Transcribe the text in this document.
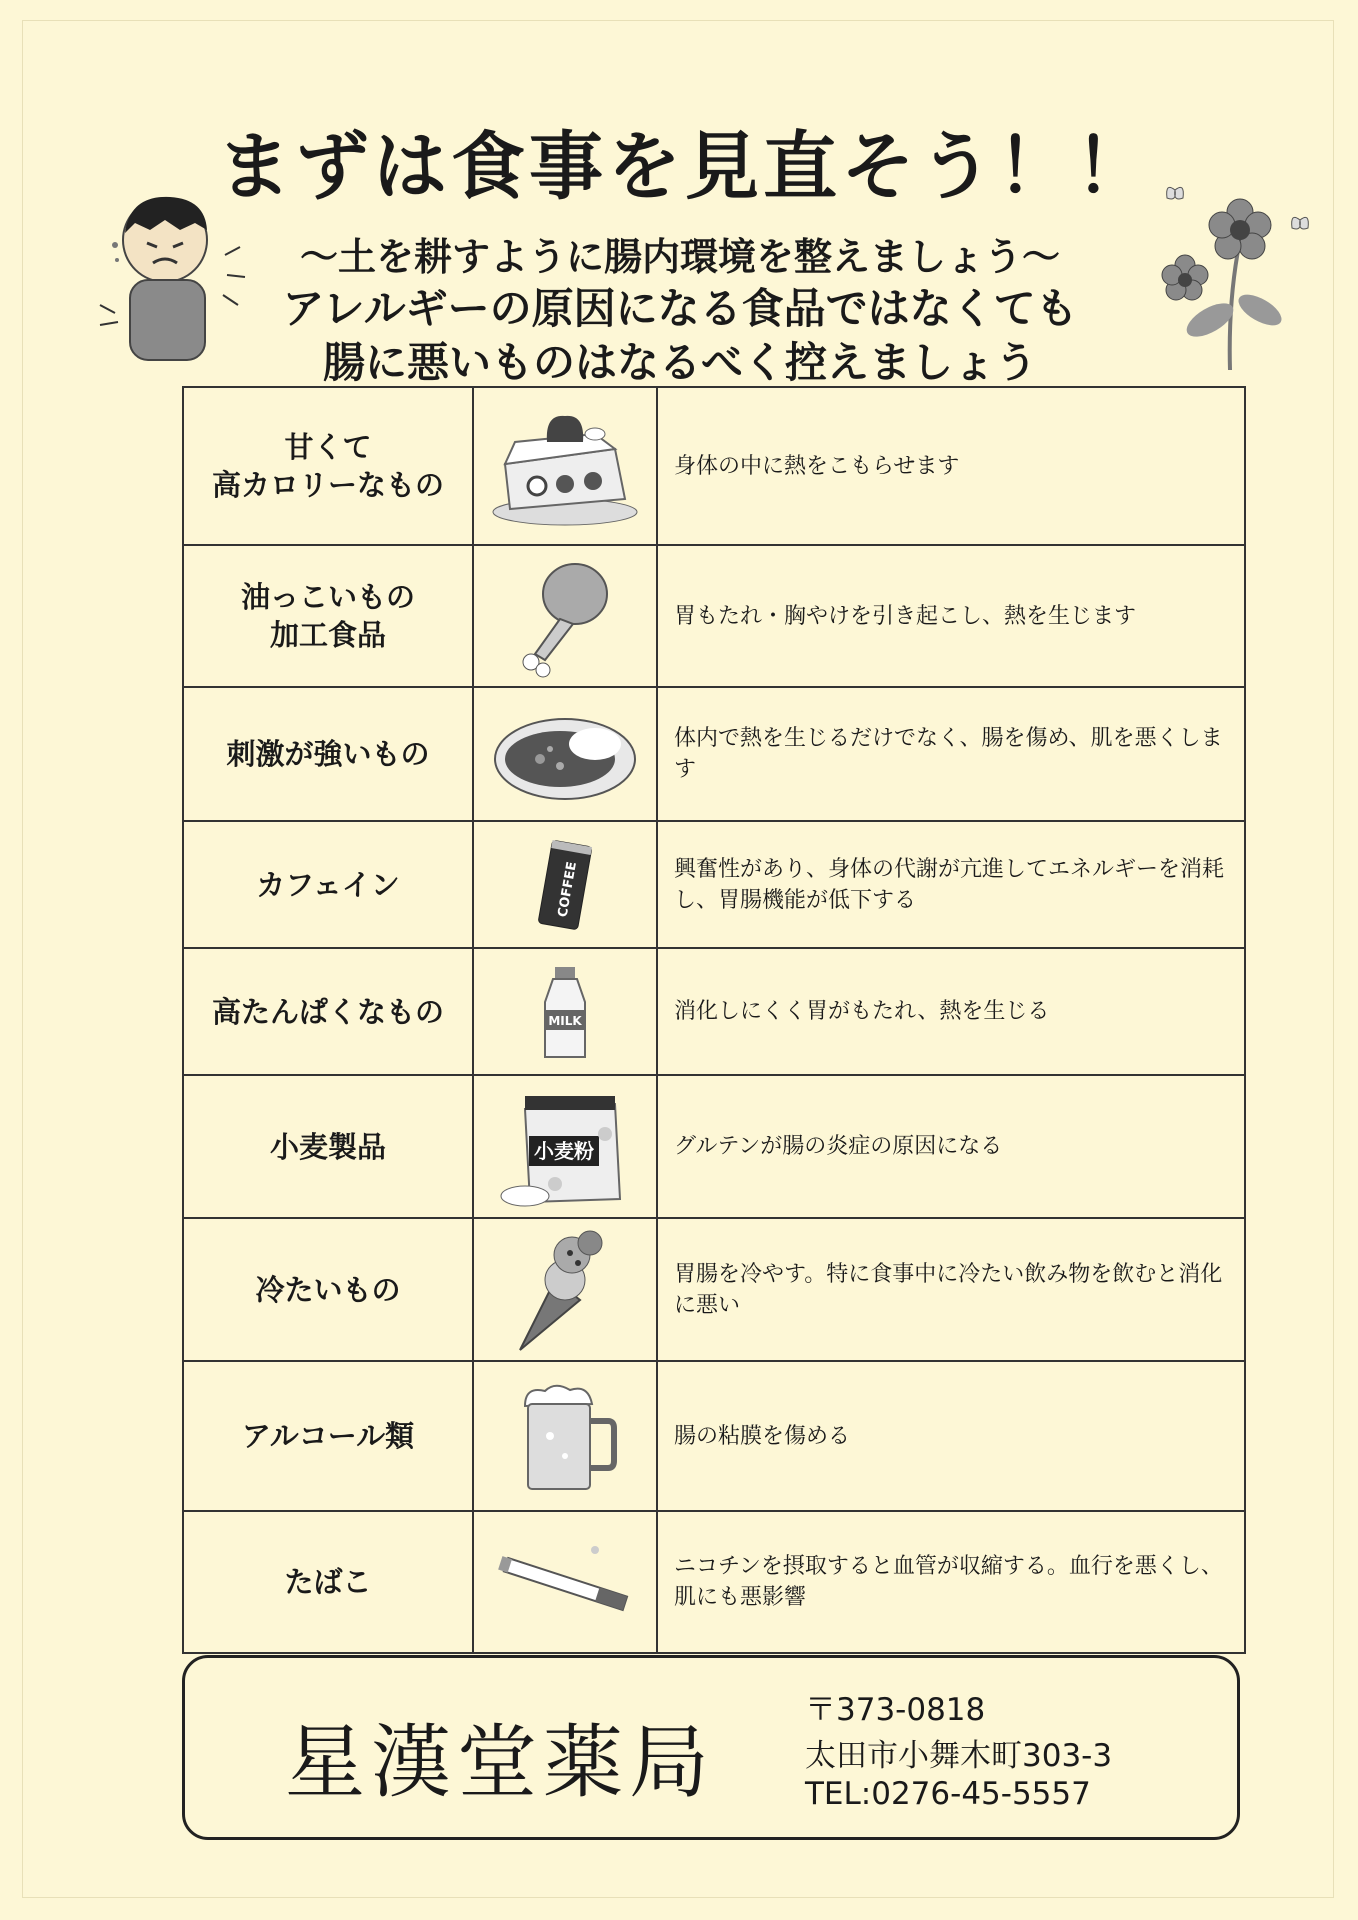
まずは食事を見直そう！！

～土を耕すように腸内環境を整えましょう～

アレルギーの原因になる食品ではなくても

腸に悪いものはなるべく控えましょう

甘くて
高カロリーなもの		身体の中に熱をこもらせます
油っこいもの
加工食品		胃もたれ・胸やけを引き起こし、熱を生じます
刺激が強いもの		体内で熱を生じるだけでなく、腸を傷め、肌を悪くします
カフェイン	COFFEE	興奮性があり、身体の代謝が亢進してエネルギーを消耗し、胃腸機能が低下する
高たんぱくなもの	MILK	消化しにくく胃がもたれ、熱を生じる
小麦製品	小麦粉	グルテンが腸の炎症の原因になる
冷たいもの		胃腸を冷やす。特に食事中に冷たい飲み物を飲むと消化に悪い
アルコール類		腸の粘膜を傷める
たばこ		ニコチンを摂取すると血管が収縮する。血行を悪くし、肌にも悪影響
星漢堂薬局
〒373-0818
太田市小舞木町303-3
TEL:0276-45-5557
